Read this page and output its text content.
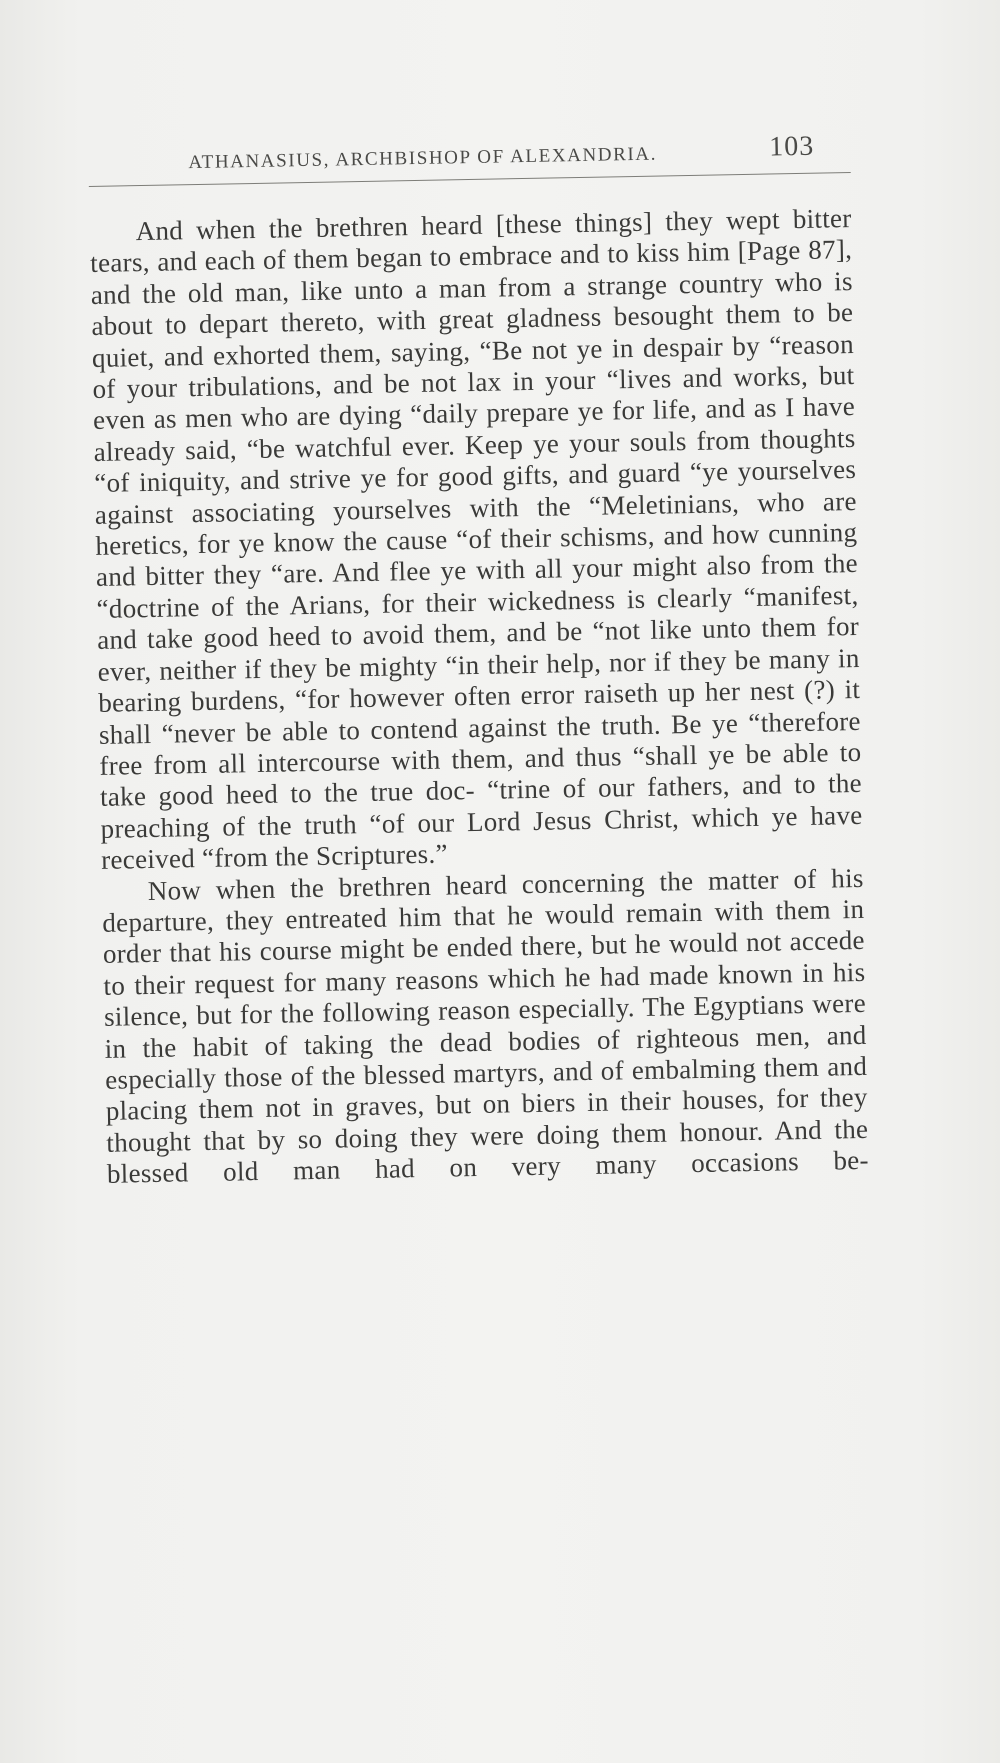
ATHANASIUS, ARCHBISHOP OF ALEXANDRIA.	103

And when the brethren heard [these things] they wept bitter tears, and each of them began to embrace and to kiss him [Page 87], and the old man, like unto a man from a strange country who is about to depart thereto, with great gladness besought them to be quiet, and exhorted them, saying, “Be not ye in despair by “reason of your tribulations, and be not lax in your “lives and works, but even as men who are dying “daily prepare ye for life, and as I have already said, “be watchful ever. Keep ye your souls from thoughts “of iniquity, and strive ye for good gifts, and guard “ye yourselves against associating yourselves with the “Meletinians, who are heretics, for ye know the cause “of their schisms, and how cunning and bitter they “are. And flee ye with all your might also from the “doctrine of the Arians, for their wickedness is clearly “manifest, and take good heed to avoid them, and be “not like unto them for ever, neither if they be mighty “in their help, nor if they be many in bearing burdens, “for however often error raiseth up her nest (?) it shall “never be able to contend against the truth. Be ye “therefore free from all intercourse with them, and thus “shall ye be able to take good heed to the true doc- “trine of our fathers, and to the preaching of the truth “of our Lord Jesus Christ, which ye have received “from the Scriptures.”

Now when the brethren heard concerning the matter of his departure, they entreated him that he would remain with them in order that his course might be ended there, but he would not accede to their request for many reasons which he had made known in his silence, but for the following reason especially. The Egyptians were in the habit of taking the dead bodies of righteous men, and especially those of the blessed martyrs, and of embalming them and placing them not in graves, but on biers in their houses, for they thought that by so doing they were doing them honour. And the blessed old man had on very many occasions be-
